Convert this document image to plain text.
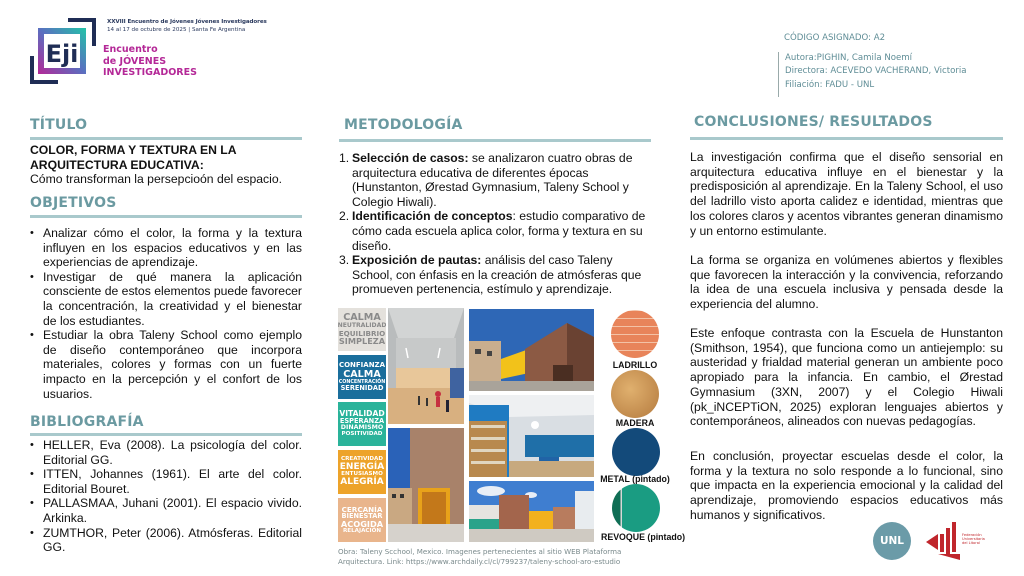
Eji
XXVIII Encuentro de Jóvenes Jóvenes Investigadores
14 al 17 de octubre de 2025 | Santa Fe Argentina
Encuentro
de JÓVENES
INVESTIGADORES
CÓDIGO ASIGNADO: A2
Autora:PIGHIN, Camila Noemí
Directora: ACEVEDO VACHERAND, Victoria
Filiación: FADU - UNL
TÍTULO
COLOR, FORMA Y TEXTURA EN LA ARQUITECTURA EDUCATIVA:
Cómo transforman la persepcioón del espacio.
OBJETIVOS
• Analizar cómo el color, la forma y la textura influyen en los espacios educativos y en las experiencias de aprendizaje.
• Investigar de qué manera la aplicación consciente de estos elementos puede favorecer la concentración, la creatividad y el bienestar de los estudiantes.
• Estudiar la obra Taleny School como ejemplo de diseño contemporáneo que incorpora materiales, colores y formas con un fuerte impacto en la percepción y el confort de los usuarios.
BIBLIOGRAFÍA
• HELLER, Eva (2008). La psicología del color. Editorial GG.
• ITTEN, Johannes (1961). El arte del color. Editorial Bouret.
• PALLASMAA, Juhani (2001). El espacio vivido. Arkinka.
• ZUMTHOR, Peter (2006). Atmósferas. Editorial GG.
METODOLOGÍA
1. Selección de casos: se analizaron cuatro obras de arquitectura educativa de diferentes épocas (Hunstanton, Ørestad Gymnasium, Taleny School y Colegio Hiwali).
2. Identificación de conceptos: estudio comparativo de cómo cada escuela aplica color, forma y textura en su diseño.
3. Exposición de pautas: análisis del caso Taleny School, con énfasis en la creación de atmósferas que promueven pertenencia, estímulo y aprendizaje.
CALMA
NEUTRALIDAD
EQUILIBRIO
SIMPLEZA
CONFIANZA
CALMA
CONCENTRACIÓN
SERENIDAD
VITALIDAD
ESPERANZA
DINAMISMO
POSITIVIDAD
CREATIVIDAD
ENERGÍA
ENTUSIASMO
ALEGRÍA
CERCANÍA
BIENESTAR
ACOGIDA
RELAJACIÓN
LADRILLO
MADERA
METAL (pintado)
REVOQUE (pintado)
Obra: Taleny Scchool, Mexico. Imagenes pertenecientes al sitio WEB Plataforma
Arquitectura. Link: https://www.archdaily.cl/cl/799237/taleny-school-aro-estudio
CONCLUSIONES/ RESULTADOS

La investigación confirma que el diseño sensorial en arquitectura educativa influye en el bienestar y la predisposición al aprendizaje. En la Taleny School, el uso del ladrillo visto aporta calidez e identidad, mientras que los colores claros y acentos vibrantes generan dinamismo y un entorno estimulante.

La forma se organiza en volúmenes abiertos y flexibles que favorecen la interacción y la convivencia, reforzando la idea de una escuela inclusiva y pensada desde la experiencia del alumno.

Este enfoque contrasta con la Escuela de Hunstanton (Smithson, 1954), que funciona como un antiejemplo: su austeridad y frialdad material generan un ambiente poco apropiado para la infancia. En cambio, el Ørestad Gymnasium (3XN, 2007) y el Colegio Hiwali (pk_iNCEPTiON, 2025) exploran lenguajes abiertos y contemporáneos, alineados con nuevas pedagogías.

En conclusión, proyectar escuelas desde el color, la forma y la textura no solo responde a lo funcional, sino que impacta en la experiencia emocional y la calidad del aprendizaje, promoviendo espacios educativos más humanos y significativos.

UNL	Federación
Universitaria
del Litoral
